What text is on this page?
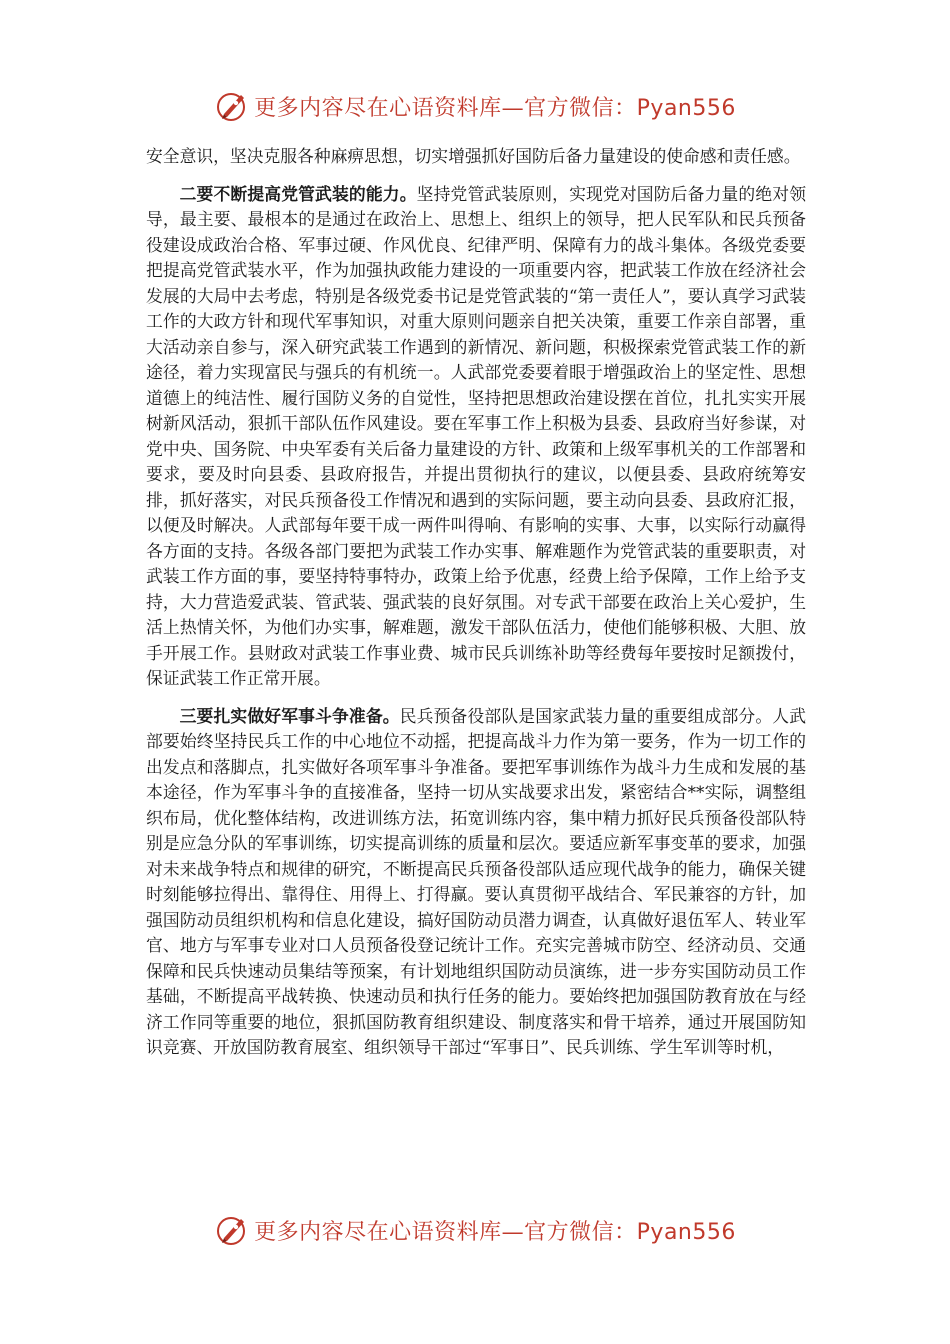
更多内容尽在心语资料库—官方微信：Pyan556

安全意识，坚决克服各种麻痹思想，切实增强抓好国防后备力量建设的使命感和责任感。

二要不断提高党管武装的能力。坚持党管武装原则，实现党对国防后备力量的绝对领导，最主要、最根本的是通过在政治上、思想上、组织上的领导，把人民军队和民兵预备役建设成政治合格、军事过硬、作风优良、纪律严明、保障有力的战斗集体。各级党委要把提高党管武装水平，作为加强执政能力建设的一项重要内容，把武装工作放在经济社会发展的大局中去考虑，特别是各级党委书记是党管武装的“第一责任人”，要认真学习武装工作的大政方针和现代军事知识，对重大原则问题亲自把关决策，重要工作亲自部署，重大活动亲自参与，深入研究武装工作遇到的新情况、新问题，积极探索党管武装工作的新途径，着力实现富民与强兵的有机统一。人武部党委要着眼于增强政治上的坚定性、思想道德上的纯洁性、履行国防义务的自觉性，坚持把思想政治建设摆在首位，扎扎实实开展树新风活动，狠抓干部队伍作风建设。要在军事工作上积极为县委、县政府当好参谋，对党中央、国务院、中央军委有关后备力量建设的方针、政策和上级军事机关的工作部署和要求，要及时向县委、县政府报告，并提出贯彻执行的建议，以便县委、县政府统筹安排，抓好落实，对民兵预备役工作情况和遇到的实际问题，要主动向县委、县政府汇报，以便及时解决。人武部每年要干成一两件叫得响、有影响的实事、大事，以实际行动赢得各方面的支持。各级各部门要把为武装工作办实事、解难题作为党管武装的重要职责，对武装工作方面的事，要坚持特事特办，政策上给予优惠，经费上给予保障，工作上给予支持，大力营造爱武装、管武装、强武装的良好氛围。对专武干部要在政治上关心爱护，生活上热情关怀，为他们办实事，解难题，激发干部队伍活力，使他们能够积极、大胆、放手开展工作。县财政对武装工作事业费、城市民兵训练补助等经费每年要按时足额拨付，保证武装工作正常开展。

三要扎实做好军事斗争准备。民兵预备役部队是国家武装力量的重要组成部分。人武部要始终坚持民兵工作的中心地位不动摇，把提高战斗力作为第一要务，作为一切工作的出发点和落脚点，扎实做好各项军事斗争准备。要把军事训练作为战斗力生成和发展的基本途径，作为军事斗争的直接准备，坚持一切从实战要求出发，紧密结合**实际，调整组织布局，优化整体结构，改进训练方法，拓宽训练内容，集中精力抓好民兵预备役部队特别是应急分队的军事训练，切实提高训练的质量和层次。要适应新军事变革的要求，加强对未来战争特点和规律的研究，不断提高民兵预备役部队适应现代战争的能力，确保关键时刻能够拉得出、靠得住、用得上、打得赢。要认真贯彻平战结合、军民兼容的方针，加强国防动员组织机构和信息化建设，搞好国防动员潜力调查，认真做好退伍军人、转业军官、地方与军事专业对口人员预备役登记统计工作。充实完善城市防空、经济动员、交通保障和民兵快速动员集结等预案，有计划地组织国防动员演练，进一步夯实国防动员工作基础，不断提高平战转换、快速动员和执行任务的能力。要始终把加强国防教育放在与经济工作同等重要的地位，狠抓国防教育组织建设、制度落实和骨干培养，通过开展国防知识竞赛、开放国防教育展室、组织领导干部过“军事日”、民兵训练、学生军训等时机，

更多内容尽在心语资料库—官方微信：Pyan556
